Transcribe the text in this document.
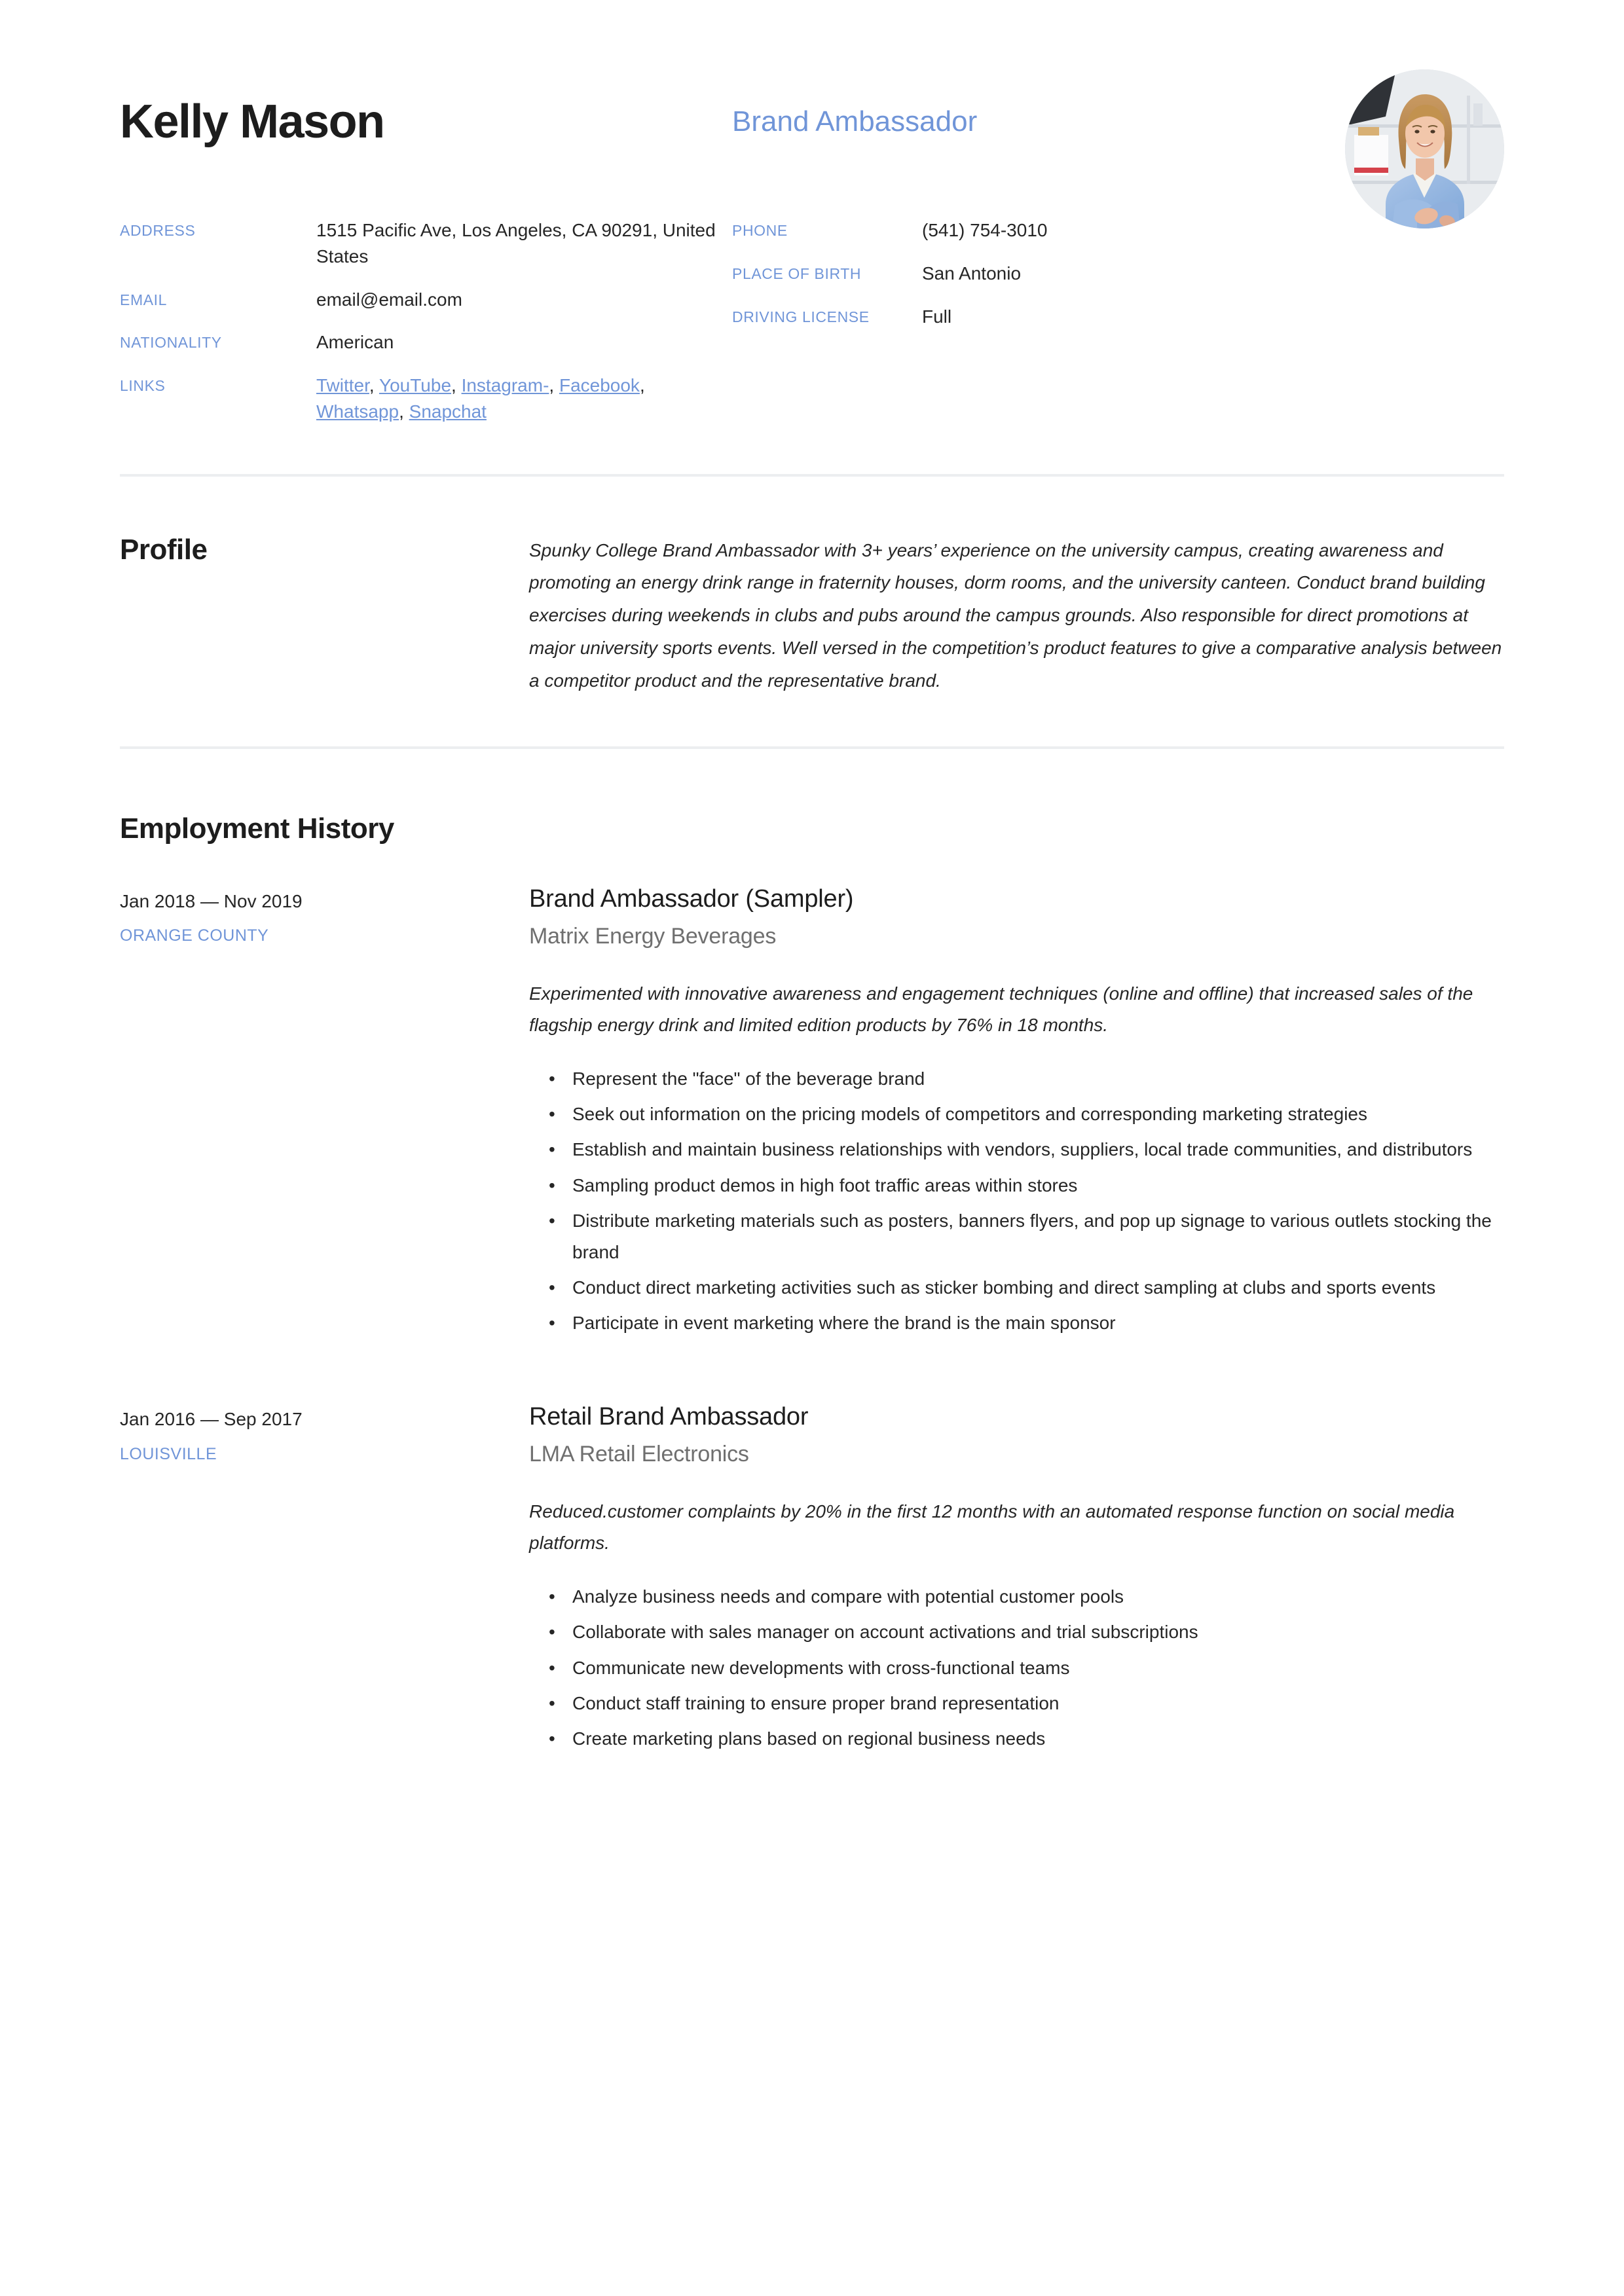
Kelly Mason	Brand Ambassador
ADDRESS	1515 Pacific Ave, Los Angeles, CA 90291, United States
EMAIL	email@email.com
NATIONALITY	American
LINKS	Twitter, YouTube, Instagram-, Facebook, Whatsapp, Snapchat
PHONE	(541) 754-3010
PLACE OF BIRTH	San Antonio
DRIVING LICENSE	Full
Profile	Spunky College Brand Ambassador with 3+ years’ experience on the university campus, creating awareness and promoting an energy drink range in fraternity houses, dorm rooms, and the university canteen. Conduct brand building exercises during weekends in clubs and pubs around the campus grounds. Also responsible for direct promotions at major university sports events. Well versed in the competition’s product features to give a comparative analysis between a competitor product and the representative brand.

Employment History
Jan 2018 — Nov 2019
ORANGE COUNTY
Brand Ambassador (Sampler)
Matrix Energy Beverages

Experimented with innovative awareness and engagement techniques (online and offline) that increased sales of the flagship energy drink and limited edition products by 76% in 18 months.

• Represent the "face" of the beverage brand
• Seek out information on the pricing models of competitors and corresponding marketing strategies
• Establish and maintain business relationships with vendors, suppliers, local trade communities, and distributors
• Sampling product demos in high foot traffic areas within stores
• Distribute marketing materials such as posters, banners flyers, and pop up signage to various outlets stocking the brand
• Conduct direct marketing activities such as sticker bombing and direct sampling at clubs and sports events
• Participate in event marketing where the brand is the main sponsor
Jan 2016 — Sep 2017
LOUISVILLE
Retail Brand Ambassador
LMA Retail Electronics

Reduced.customer complaints by 20% in the first 12 months with an automated response function on social media platforms.

• Analyze business needs and compare with potential customer pools
• Collaborate with sales manager on account activations and trial subscriptions
• Communicate new developments with cross-functional teams
• Conduct staff training to ensure proper brand representation
• Create marketing plans based on regional business needs
